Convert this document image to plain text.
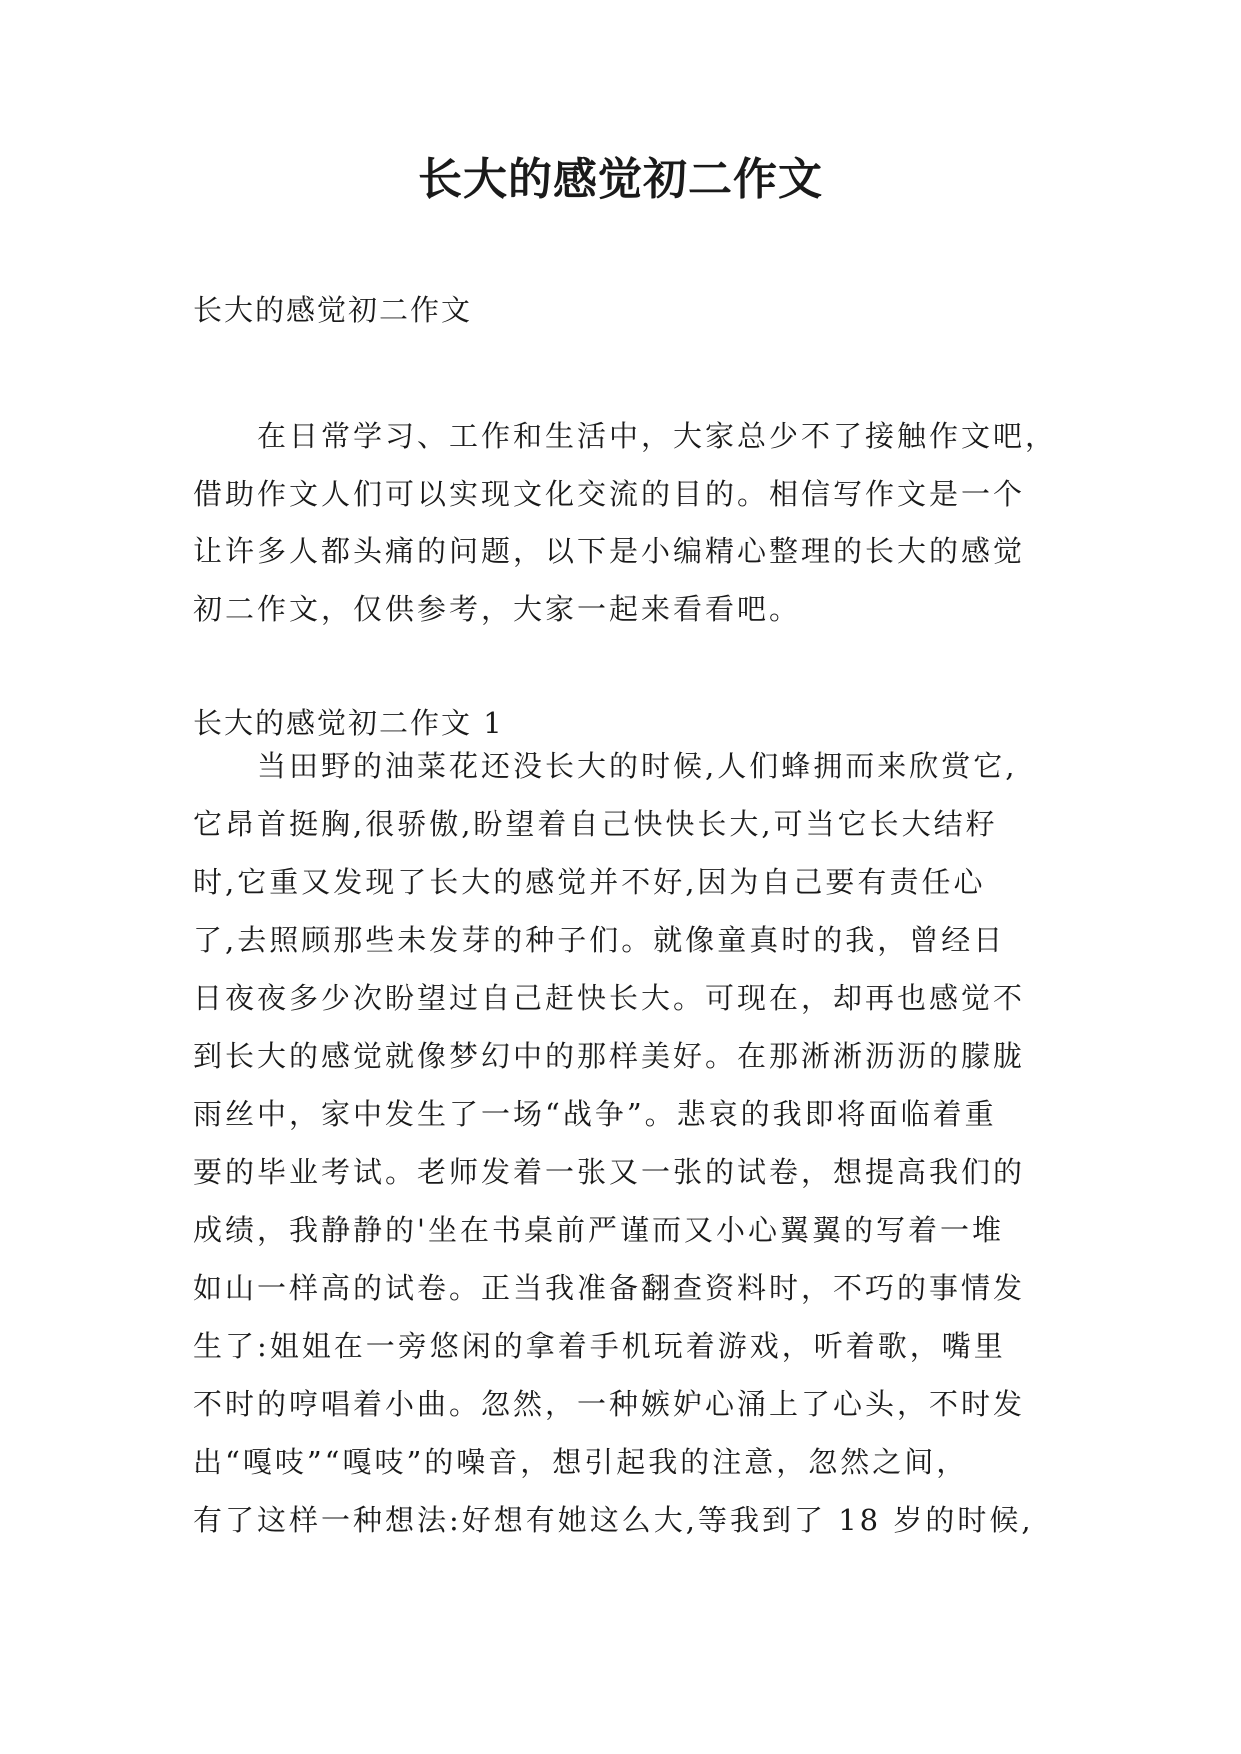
长大的感觉初二作文
长大的感觉初二作文
在日常学习、工作和生活中，大家总少不了接触作文吧，
借助作文人们可以实现文化交流的目的。相信写作文是一个
让许多人都头痛的问题，以下是小编精心整理的长大的感觉
初二作文，仅供参考，大家一起来看看吧。
长大的感觉初二作文 1
当田野的油菜花还没长大的时候,人们蜂拥而来欣赏它,
它昂首挺胸,很骄傲,盼望着自己快快长大,可当它长大结籽
时,它重又发现了长大的感觉并不好,因为自己要有责任心
了,去照顾那些未发芽的种子们。就像童真时的我，曾经日
日夜夜多少次盼望过自己赶快长大。可现在，却再也感觉不
到长大的感觉就像梦幻中的那样美好。在那淅淅沥沥的朦胧
雨丝中，家中发生了一场“战争”。悲哀的我即将面临着重
要的毕业考试。老师发着一张又一张的试卷，想提高我们的
成绩，我静静的'坐在书桌前严谨而又小心翼翼的写着一堆
如山一样高的试卷。正当我准备翻查资料时，不巧的事情发
生了:姐姐在一旁悠闲的拿着手机玩着游戏，听着歌，嘴里
不时的哼唱着小曲。忽然，一种嫉妒心涌上了心头，不时发
出“嘎吱”“嘎吱”的噪音，想引起我的注意，忽然之间，
有了这样一种想法:好想有她这么大,等我到了 18 岁的时候,
